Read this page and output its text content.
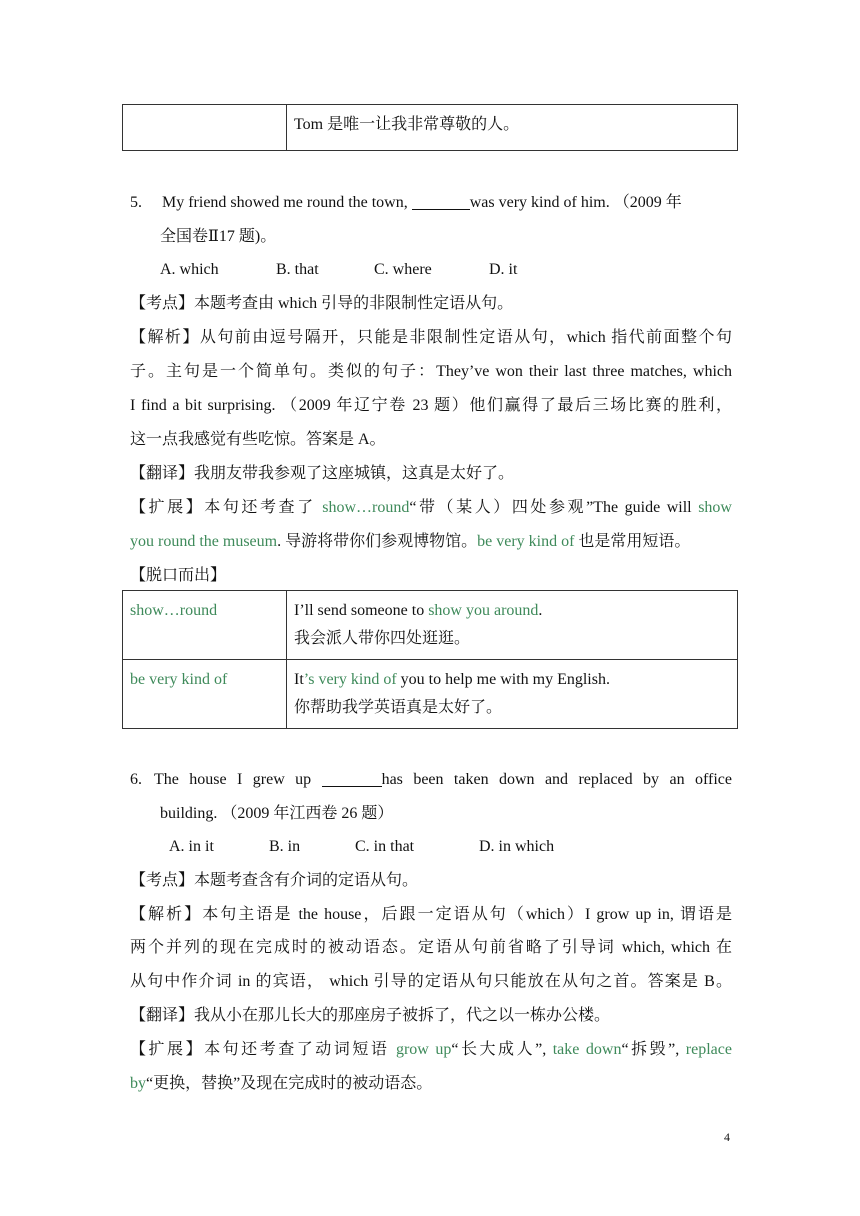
	Tom 是唯一让我非常尊敬的人。
5. My friend showed me round the town,	was very kind of him. （2009 年
全国卷Ⅱ17 题)。
A. which	B. that	C. where	D. it
【考点】本题考查由 which 引导的非限制性定语从句。
【解析】从句前由逗号隔开，只能是非限制性定语从句，which 指代前面整个句
子。主句是一个简单句。类似的句子：They’ve won their last three matches, which
I find a bit surprising. （2009 年辽宁卷 23 题）他们赢得了最后三场比赛的胜利，
这一点我感觉有些吃惊。答案是 A。
【翻译】我朋友带我参观了这座城镇，这真是太好了。
【扩展】本句还考查了 show…round“带（某人）四处参观”The guide will show
you round the museum. 导游将带你们参观博物馆。be very kind of 也是常用短语。
【脱口而出】
show…round	I’ll send someone to show you around.
我会派人带你四处逛逛。

be very kind of	It’s very kind of you to help me with my English.
你帮助我学英语真是太好了。
6. The house I grew up	has been taken down and replaced by an office
building. （2009 年江西卷 26 题）
A. in it	B. in	C. in that	D. in which
【考点】本题考查含有介词的定语从句。
【解析】本句主语是 the house，后跟一定语从句（which）I grow up in, 谓语是
两个并列的现在完成时的被动语态。定语从句前省略了引导词 which, which 在
从句中作介词 in 的宾语， which 引导的定语从句只能放在从句之首。答案是 B。
【翻译】我从小在那儿长大的那座房子被拆了，代之以一栋办公楼。
【扩展】本句还考查了动词短语 grow up“长大成人”, take down“拆毁”, replace
by“更换，替换”及现在完成时的被动语态。
4
